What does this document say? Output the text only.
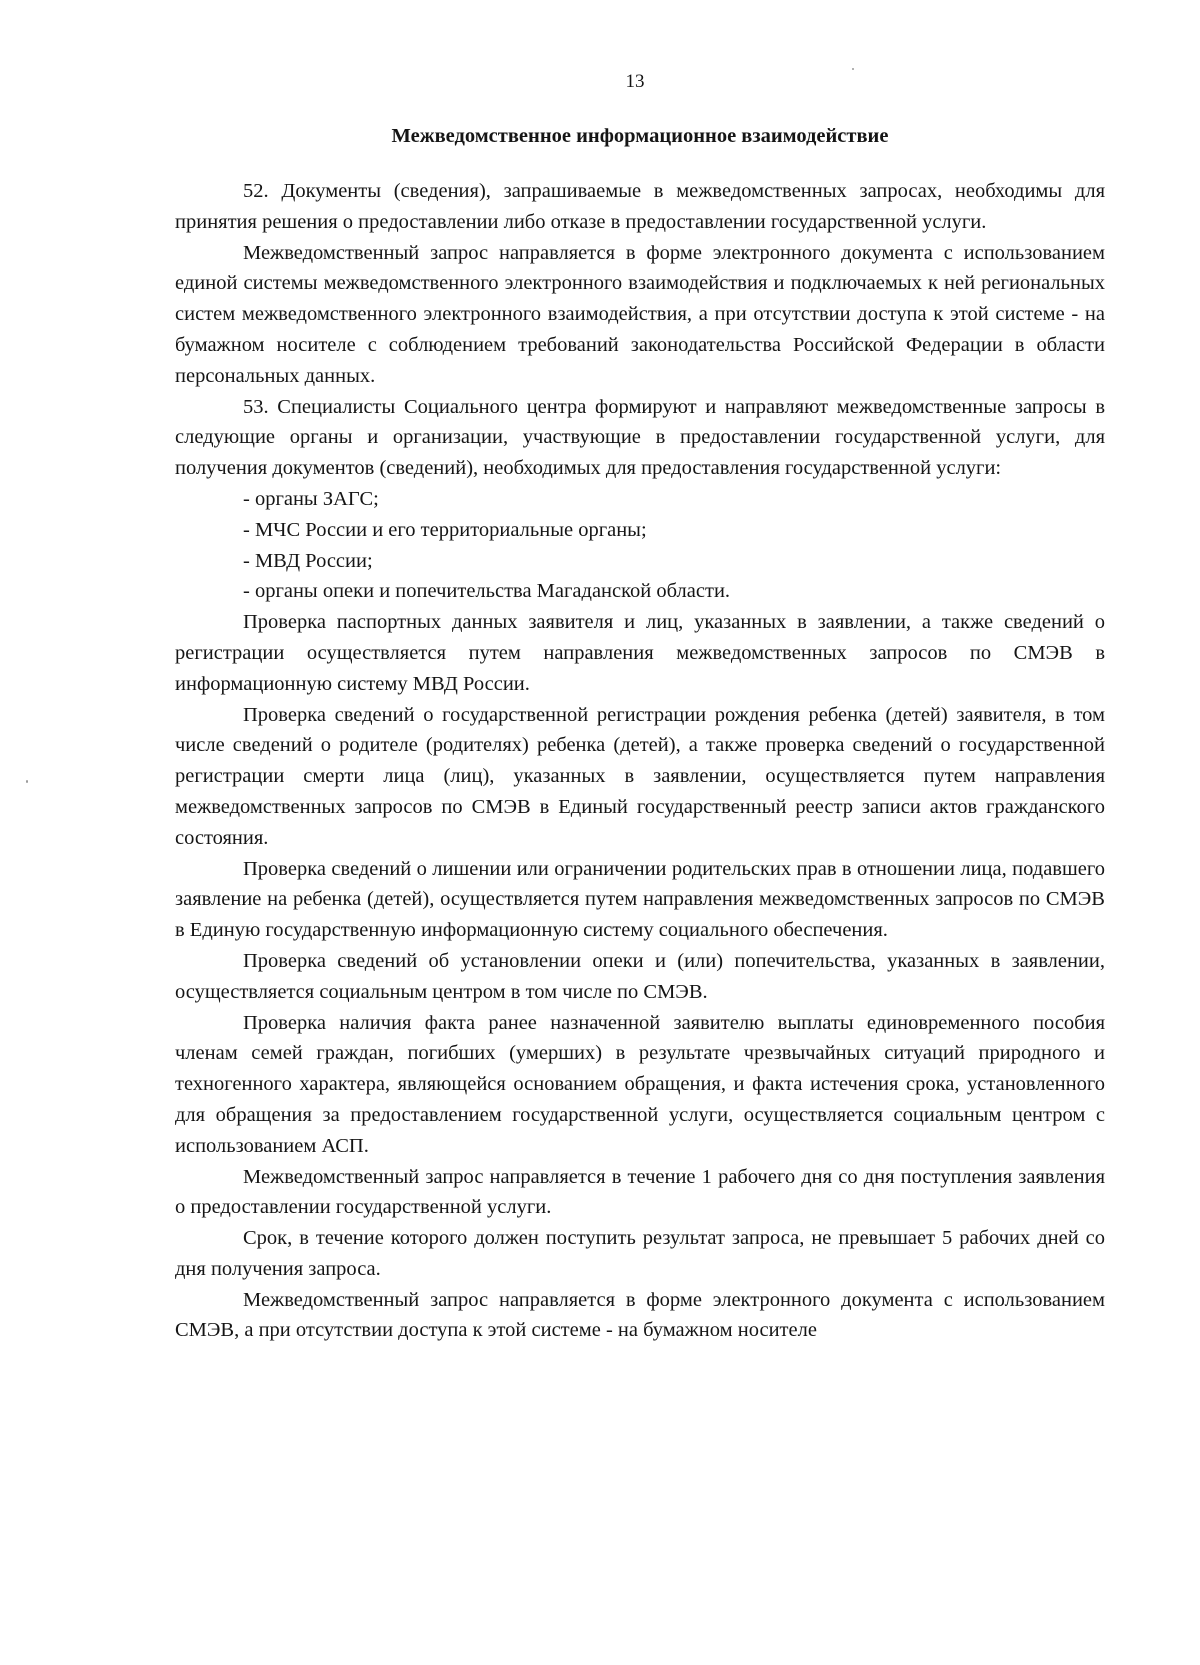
13
Межведомственное информационное взаимодействие

52. Документы (сведения), запрашиваемые в межведомственных запросах, необходимы для принятия решения о предоставлении либо отказе в предоставлении государственной услуги.

Межведомственный запрос направляется в форме электронного документа с использованием единой системы межведомственного электронного взаимодействия и подключаемых к ней региональных систем межведомственного электронного взаимодействия, а при отсутствии доступа к этой системе - на бумажном носителе с соблюдением требований законодательства Российской Федерации в области персональных данных.

53. Специалисты Социального центра формируют и направляют межведомственные запросы в следующие органы и организации, участвующие в предоставлении государственной услуги, для получения документов (сведений), необходимых для предоставления государственной услуги:

- органы ЗАГС;

- МЧС России и его территориальные органы;

- МВД России;

- органы опеки и попечительства Магаданской области.

Проверка паспортных данных заявителя и лиц, указанных в заявлении, а также сведений о регистрации осуществляется путем направления межведомственных запросов по СМЭВ в информационную систему МВД России.

Проверка сведений о государственной регистрации рождения ребенка (детей) заявителя, в том числе сведений о родителе (родителях) ребенка (детей), а также проверка сведений о государственной регистрации смерти лица (лиц), указанных в заявлении, осуществляется путем направления межведомственных запросов по СМЭВ в Единый государственный реестр записи актов гражданского состояния.

Проверка сведений о лишении или ограничении родительских прав в отношении лица, подавшего заявление на ребенка (детей), осуществляется путем направления межведомственных запросов по СМЭВ в Единую государственную информационную систему социального обеспечения.

Проверка сведений об установлении опеки и (или) попечительства, указанных в заявлении, осуществляется социальным центром в том числе по СМЭВ.

Проверка наличия факта ранее назначенной заявителю выплаты единовременного пособия членам семей граждан, погибших (умерших) в результате чрезвычайных ситуаций природного и техногенного характера, являющейся основанием обращения, и факта истечения срока, установленного для обращения за предоставлением государственной услуги, осуществляется социальным центром с использованием АСП.

Межведомственный запрос направляется в течение 1 рабочего дня со дня поступления заявления о предоставлении государственной услуги.

Срок, в течение которого должен поступить результат запроса, не превышает 5 рабочих дней со дня получения запроса.

Межведомственный запрос направляется в форме электронного документа с использованием СМЭВ, а при отсутствии доступа к этой системе - на бумажном носителе
